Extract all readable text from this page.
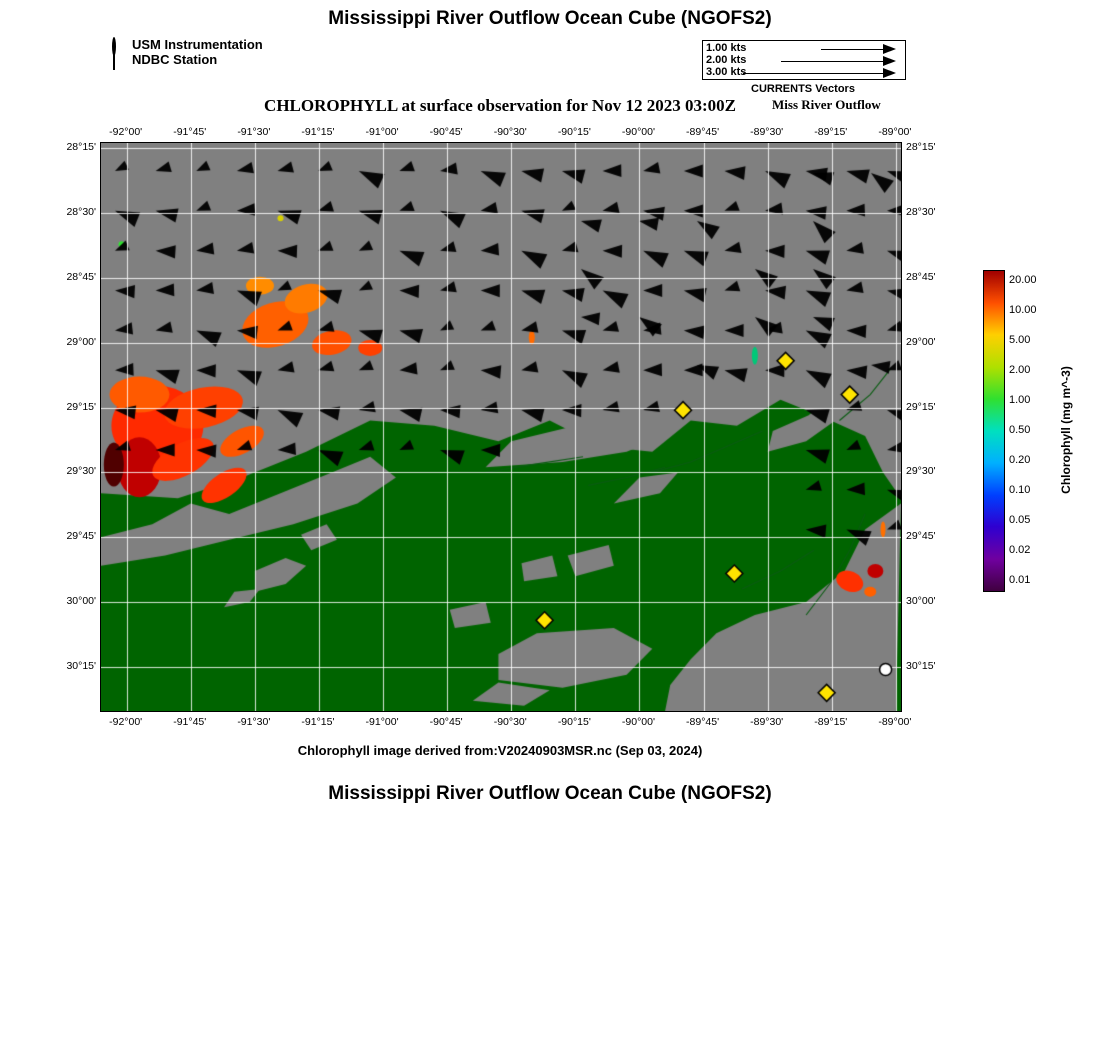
Mississippi River Outflow Ocean Cube (NGOFS2)
USM Instrumentation
NDBC Station
1.00 kts
2.00 kts
3.00 kts
CURRENTS Vectors
CHLOROPHYLL at surface observation for Nov 12 2023 03:00Z	Miss River Outflow
-92°00'	-91°45'	-91°30'	-91°15'	-91°00'	-90°45'	-90°30'	-90°15'	-90°00'	-89°45'	-89°30'	-89°15'	-89°00'
-92°00'	-91°45'	-91°30'	-91°15'	-91°00'	-90°45'	-90°30'	-90°15'	-90°00'	-89°45'	-89°30'	-89°15'	-89°00'
30°15'
30°00'
29°45'
29°30'
29°15'
29°00'
28°45'
28°30'
28°15'
30°15'
30°00'
29°45'
29°30'
29°15'
29°00'
28°45'
28°30'
28°15'
Chlorophyll image derived from:V20240903MSR.nc (Sep 03, 2024)
Mississippi River Outflow Ocean Cube (NGOFS2)
20.00
10.00
5.00
2.00
1.00
0.50
0.20
0.10
0.05
0.02
0.01
Chlorophyll (mg m^-3)
